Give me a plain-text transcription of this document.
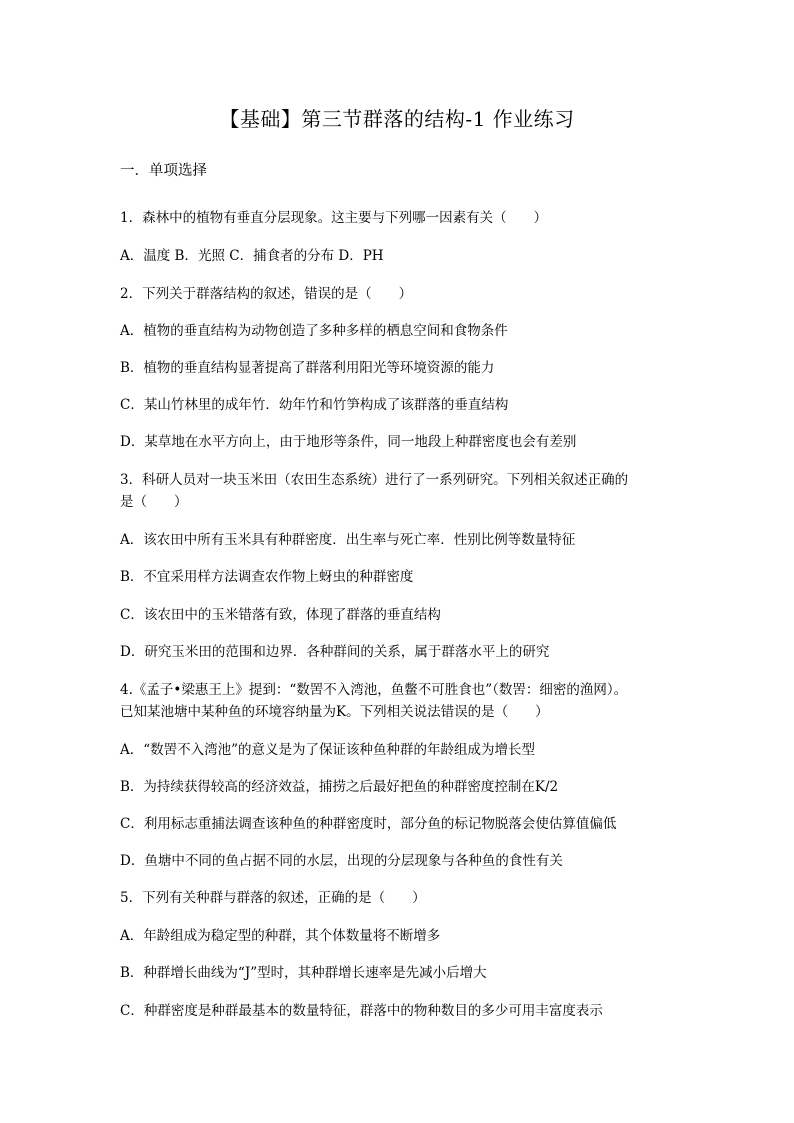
【基础】第三节群落的结构-1 作业练习
一．单项选择
1．森林中的植物有垂直分层现象。这主要与下列哪一因素有关（　　）
A．温度 B．光照 C．捕食者的分布 D．PH
2．下列关于群落结构的叙述，错误的是（　　）
A．植物的垂直结构为动物创造了多种多样的栖息空间和食物条件
B．植物的垂直结构显著提高了群落利用阳光等环境资源的能力
C．某山竹林里的成年竹．幼年竹和竹笋构成了该群落的垂直结构
D．某草地在水平方向上，由于地形等条件，同一地段上种群密度也会有差别
3．科研人员对一块玉米田（农田生态系统）进行了一系列研究。下列相关叙述正确的
是（　　）
A．该农田中所有玉米具有种群密度．出生率与死亡率．性别比例等数量特征
B．不宜采用样方法调查农作物上蚜虫的种群密度
C．该农田中的玉米错落有致，体现了群落的垂直结构
D．研究玉米田的范围和边界．各种群间的关系，属于群落水平上的研究
4.《孟子•梁惠王上》提到：“数罟不入湾池，鱼鳖不可胜食也”（数罟：细密的渔网）。
已知某池塘中某种鱼的环境容纳量为K。下列相关说法错误的是（　　）
A．“数罟不入湾池”的意义是为了保证该种鱼种群的年龄组成为增长型
B．为持续获得较高的经济效益，捕捞之后最好把鱼的种群密度控制在K/2
C．利用标志重捕法调查该种鱼的种群密度时，部分鱼的标记物脱落会使估算值偏低
D．鱼塘中不同的鱼占据不同的水层，出现的分层现象与各种鱼的食性有关
5．下列有关种群与群落的叙述，正确的是（　　）
A．年龄组成为稳定型的种群，其个体数量将不断增多
B．种群增长曲线为“J”型时，其种群增长速率是先减小后增大
C．种群密度是种群最基本的数量特征，群落中的物种数目的多少可用丰富度表示
